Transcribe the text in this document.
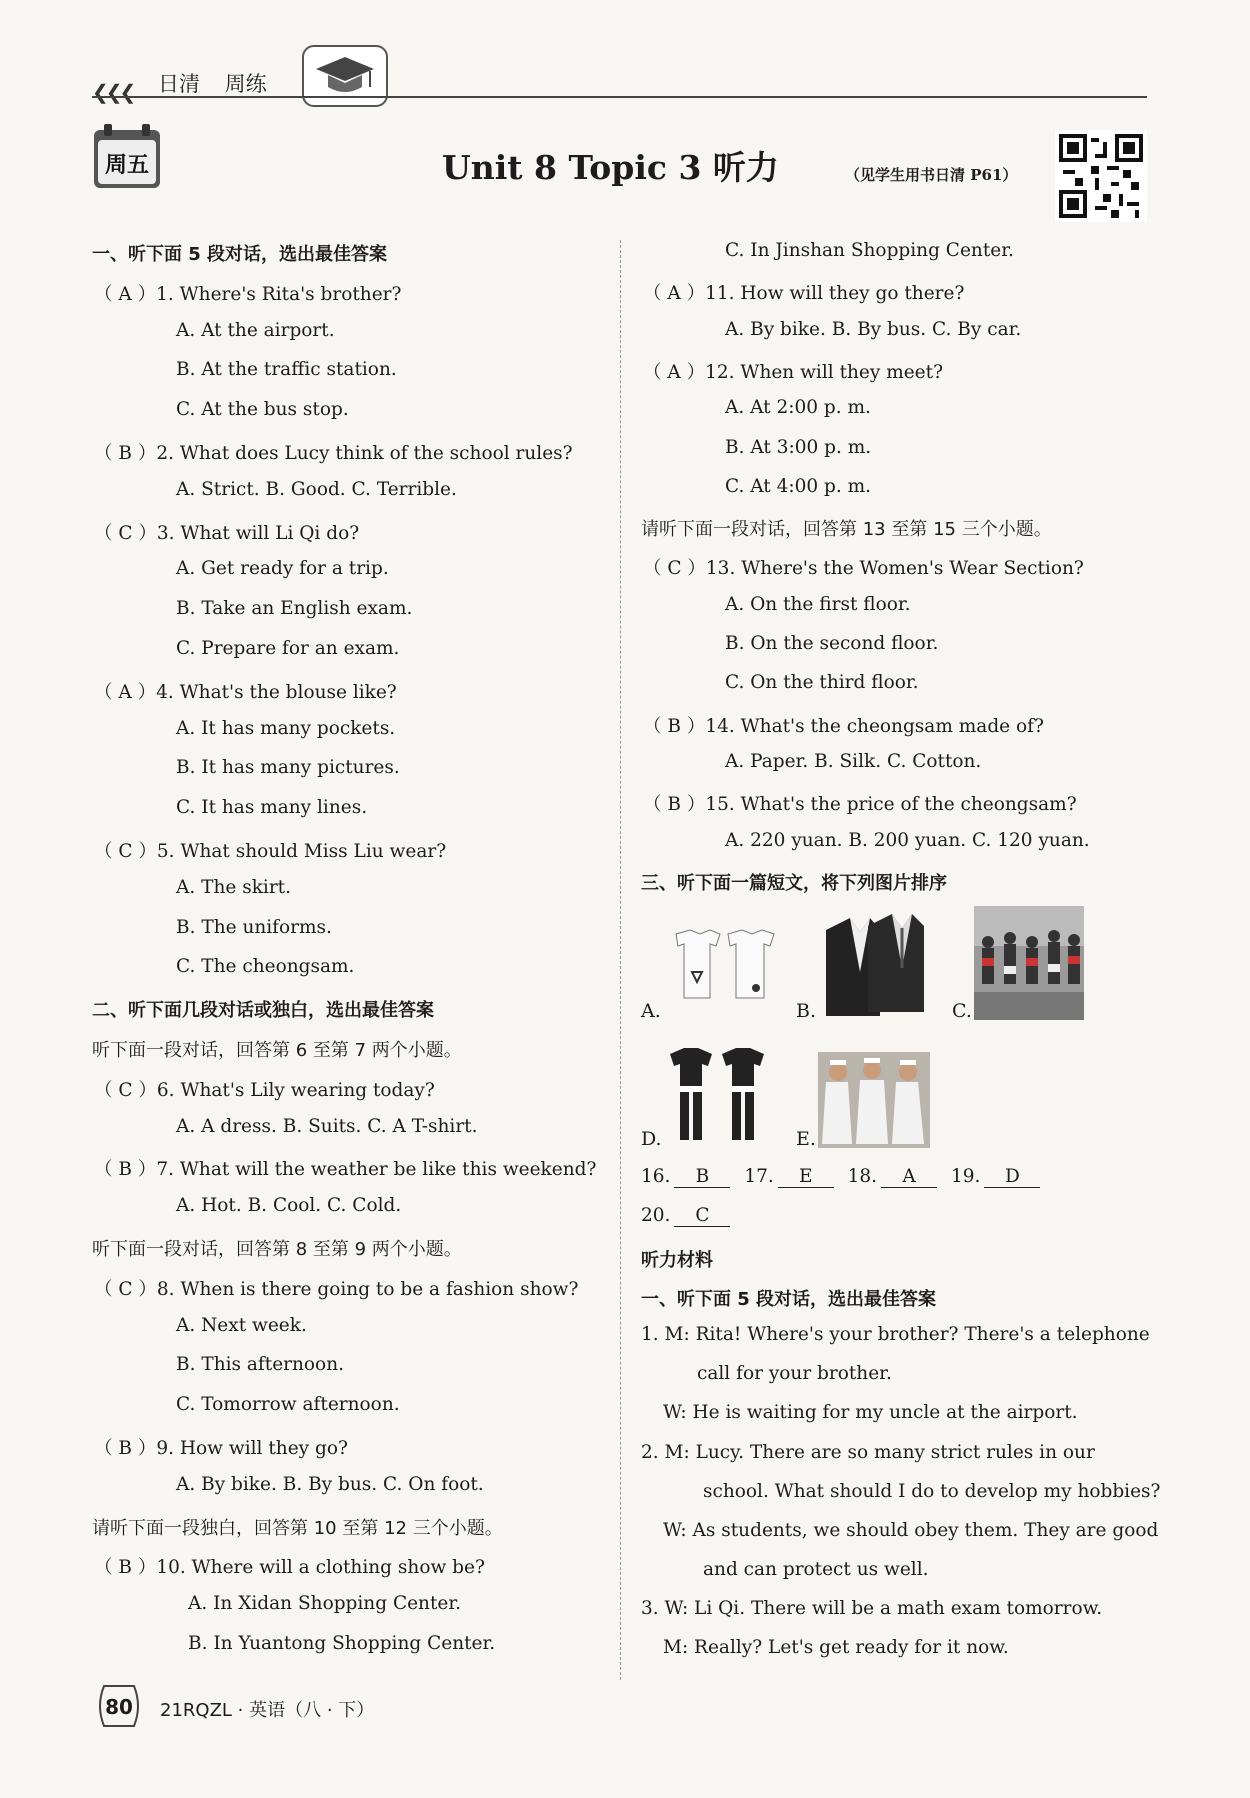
❮❮❮ 日清 周练
周五	Unit 8 Topic 3 听力	（见学生用书日清 P61）
一、听下面 5 段对话，选出最佳答案
（ A ）1. Where's Rita's brother?
A. At the airport.
B. At the traffic station.
C. At the bus stop.
（ B ）2. What does Lucy think of the school rules?
A. Strict. B. Good. C. Terrible.
（ C ）3. What will Li Qi do?
A. Get ready for a trip.
B. Take an English exam.
C. Prepare for an exam.
（ A ）4. What's the blouse like?
A. It has many pockets.
B. It has many pictures.
C. It has many lines.
（ C ）5. What should Miss Liu wear?
A. The skirt.
B. The uniforms.
C. The cheongsam.
二、听下面几段对话或独白，选出最佳答案
听下面一段对话，回答第 6 至第 7 两个小题。
（ C ）6. What's Lily wearing today?
A. A dress. B. Suits. C. A T-shirt.
（ B ）7. What will the weather be like this weekend?
A. Hot. B. Cool. C. Cold.
听下面一段对话，回答第 8 至第 9 两个小题。
（ C ）8. When is there going to be a fashion show?
A. Next week.
B. This afternoon.
C. Tomorrow afternoon.
（ B ）9. How will they go?
A. By bike. B. By bus. C. On foot.
请听下面一段独白，回答第 10 至第 12 三个小题。
（ B ）10. Where will a clothing show be?
A. In Xidan Shopping Center.
B. In Yuantong Shopping Center.
C. In Jinshan Shopping Center.
（ A ）11. How will they go there?
A. By bike. B. By bus. C. By car.
（ A ）12. When will they meet?
A. At 2:00 p. m.
B. At 3:00 p. m.
C. At 4:00 p. m.
请听下面一段对话，回答第 13 至第 15 三个小题。
（ C ）13. Where's the Women's Wear Section?
A. On the first floor.
B. On the second floor.
C. On the third floor.
（ B ）14. What's the cheongsam made of?
A. Paper. B. Silk. C. Cotton.
（ B ）15. What's the price of the cheongsam?
A. 220 yuan. B. 200 yuan. C. 120 yuan.
三、听下面一篇短文，将下列图片排序
A.	B.	C.
D.	E.
16. B 17. E 18. A 19. D
20. C
听力材料
一、听下面 5 段对话，选出最佳答案
1. M: Rita! Where's your brother? There's a telephone
call for your brother.
W: He is waiting for my uncle at the airport.
2. M: Lucy. There are so many strict rules in our
school. What should I do to develop my hobbies?
W: As students, we should obey them. They are good
and can protect us well.
3. W: Li Qi. There will be a math exam tomorrow.
M: Really? Let's get ready for it now.
80	21RQZL · 英语（八 · 下）
